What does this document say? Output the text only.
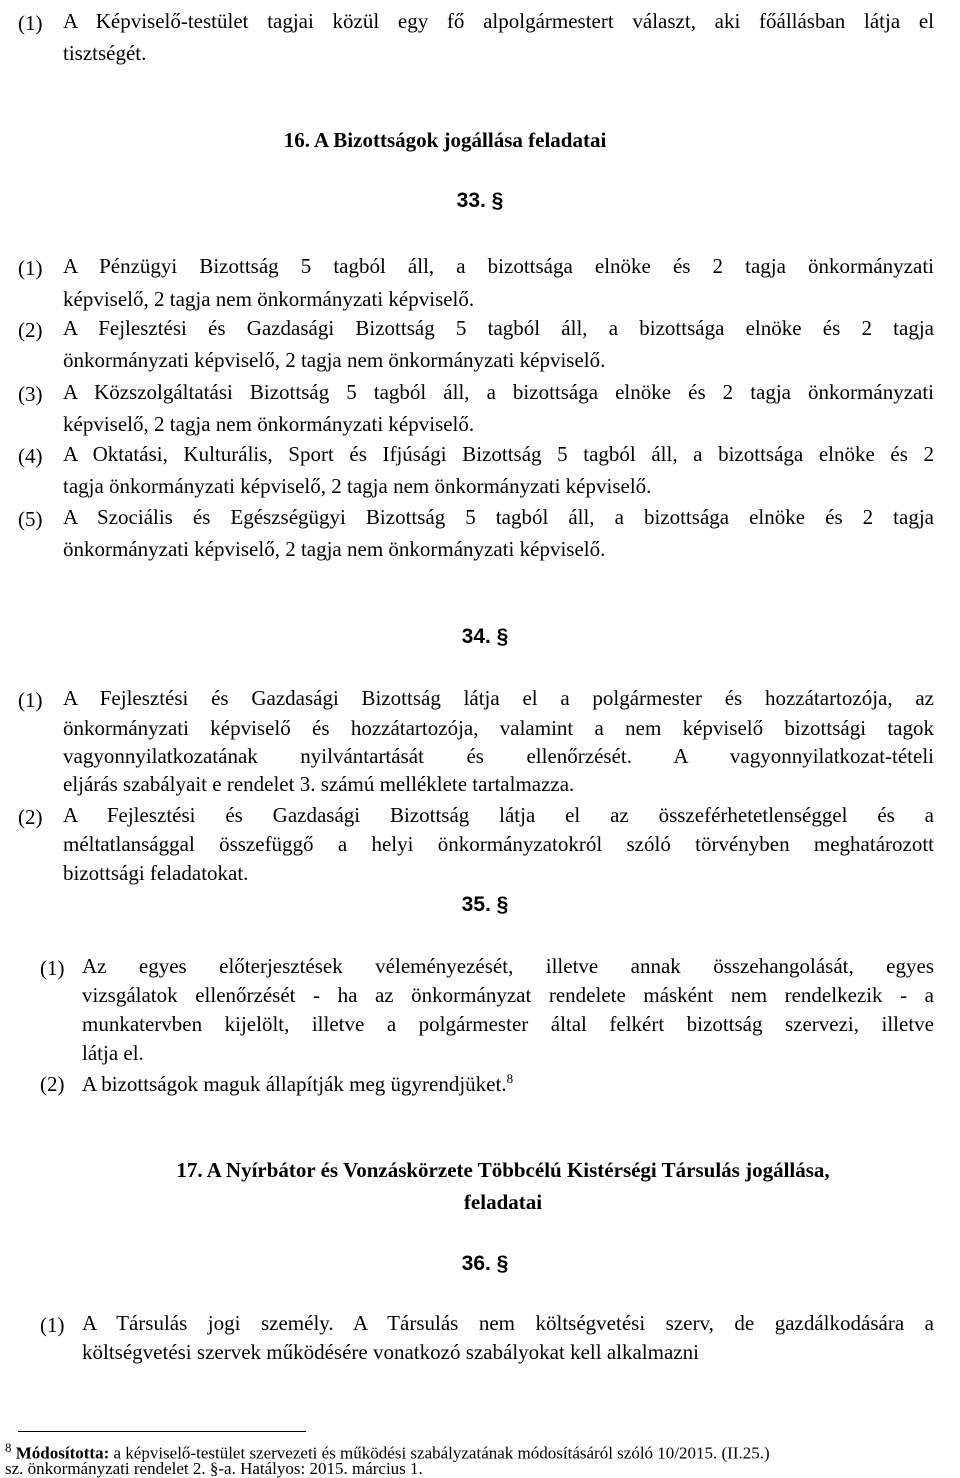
(1) A Képviselő-testület tagjai közül egy fő alpolgármestert választ, aki főállásban látja el
tisztségét.
16. A Bizottságok jogállása feladatai
33. §
(1) A Pénzügyi Bizottság 5 tagból áll, a bizottsága elnöke és 2 tagja önkormányzati
képviselő, 2 tagja nem önkormányzati képviselő.
(2) A Fejlesztési és Gazdasági Bizottság 5 tagból áll, a bizottsága elnöke és 2 tagja
önkormányzati képviselő, 2 tagja nem önkormányzati képviselő.
(3) A Közszolgáltatási Bizottság 5 tagból áll, a bizottsága elnöke és 2 tagja önkormányzati
képviselő, 2 tagja nem önkormányzati képviselő.
(4) A Oktatási, Kulturális, Sport és Ifjúsági Bizottság 5 tagból áll, a bizottsága elnöke és 2
tagja önkormányzati képviselő, 2 tagja nem önkormányzati képviselő.
(5) A Szociális és Egészségügyi Bizottság 5 tagból áll, a bizottsága elnöke és 2 tagja
önkormányzati képviselő, 2 tagja nem önkormányzati képviselő.
34. §
(1) A Fejlesztési és Gazdasági Bizottság látja el a polgármester és hozzátartozója, az
önkormányzati képviselő és hozzátartozója, valamint a nem képviselő bizottsági tagok
vagyonnyilatkozatának nyilvántartását és ellenőrzését. A vagyonnyilatkozat-tételi
eljárás szabályait e rendelet 3. számú melléklete tartalmazza.
(2) A Fejlesztési és Gazdasági Bizottság látja el az összeférhetetlenséggel és a
méltatlansággal összefüggő a helyi önkormányzatokról szóló törvényben meghatározott
bizottsági feladatokat.
35. §
(1) Az egyes előterjesztések véleményezését, illetve annak összehangolását, egyes
vizsgálatok ellenőrzését - ha az önkormányzat rendelete másként nem rendelkezik - a
munkatervben kijelölt, illetve a polgármester által felkért bizottság szervezi, illetve
látja el.
(2) A bizottságok maguk állapítják meg ügyrendjüket.$^8$
17. A Nyírbátor és Vonzáskörzete Többcélú Kistérségi Társulás jogállása,
feladatai
36. §
(1) A Társulás jogi személy. A Társulás nem költségvetési szerv, de gazdálkodására a
költségvetési szervek működésére vonatkozó szabályokat kell alkalmazni
$^8$ Módosította: a képviselő-testület szervezeti és működési szabályzatának módosításáról szóló 10/2015. (II.25.)
sz. önkormányzati rendelet 2. §-a. Hatályos: 2015. március 1.
